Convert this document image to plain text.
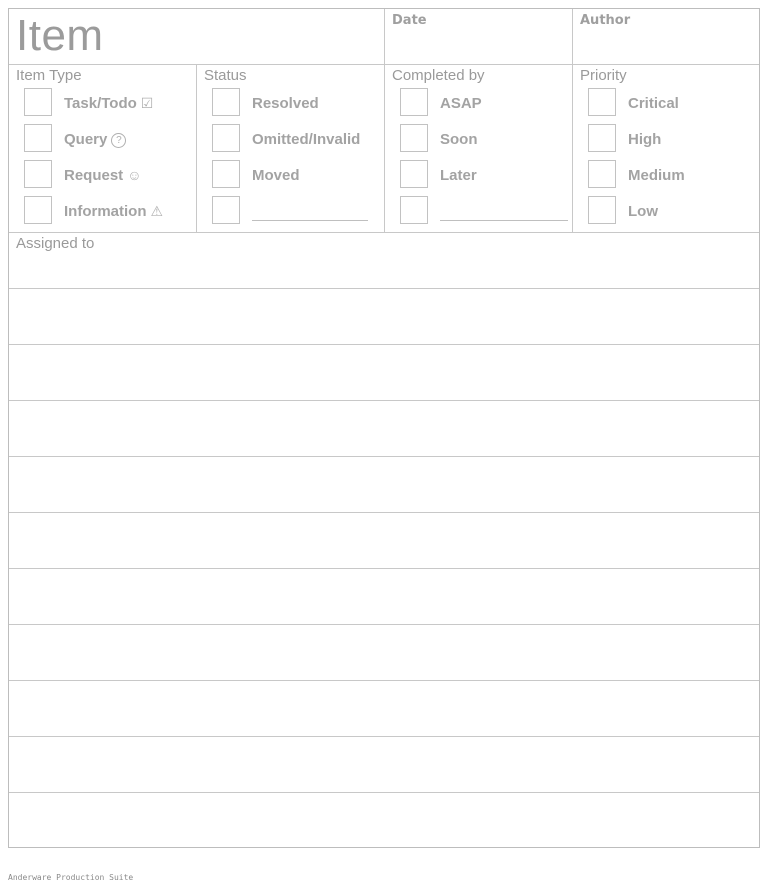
Item	Date	Author
Item Type
Task/Todo ☑
Query ?
Request ☺
Information ⚠
Status
Resolved
Omitted/Invalid
Moved
Completed by
ASAP
Soon
Later
Priority
Critical
High
Medium
Low
Assigned to
Anderware Production Suite
